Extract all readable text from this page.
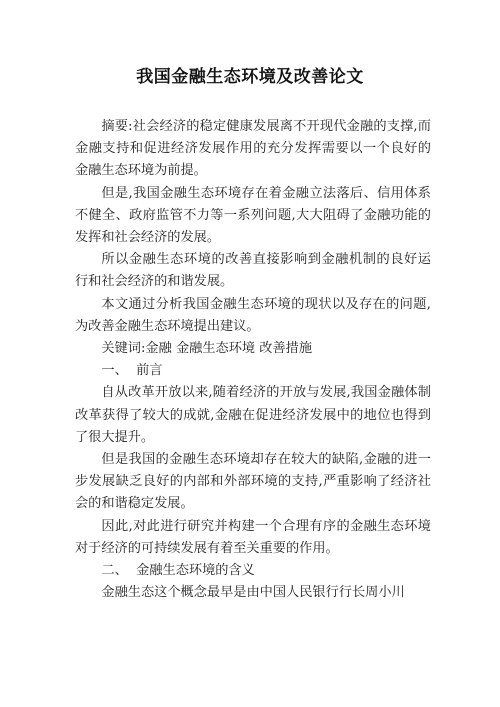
我国金融生态环境及改善论文

摘要:社会经济的稳定健康发展离不开现代金融的支撑,而金融支持和促进经济发展作用的充分发挥需要以一个良好的金融生态环境为前提。

但是,我国金融生态环境存在着金融立法落后、信用体系不健全、政府监管不力等一系列问题,大大阻碍了金融功能的发挥和社会经济的发展。

所以金融生态环境的改善直接影响到金融机制的良好运行和社会经济的和谐发展。

本文通过分析我国金融生态环境的现状以及存在的问题,为改善金融生态环境提出建议。

关键词:金融 金融生态环境 改善措施

一、  前言

自从改革开放以来,随着经济的开放与发展,我国金融体制改革获得了较大的成就,金融在促进经济发展中的地位也得到了很大提升。

但是我国的金融生态环境却存在较大的缺陷,金融的进一步发展缺乏良好的内部和外部环境的支持,严重影响了经济社会的和谐稳定发展。

因此,对此进行研究并构建一个合理有序的金融生态环境对于经济的可持续发展有着至关重要的作用。

二、  金融生态环境的含义

金融生态这个概念最早是由中国人民银行行长周小川
